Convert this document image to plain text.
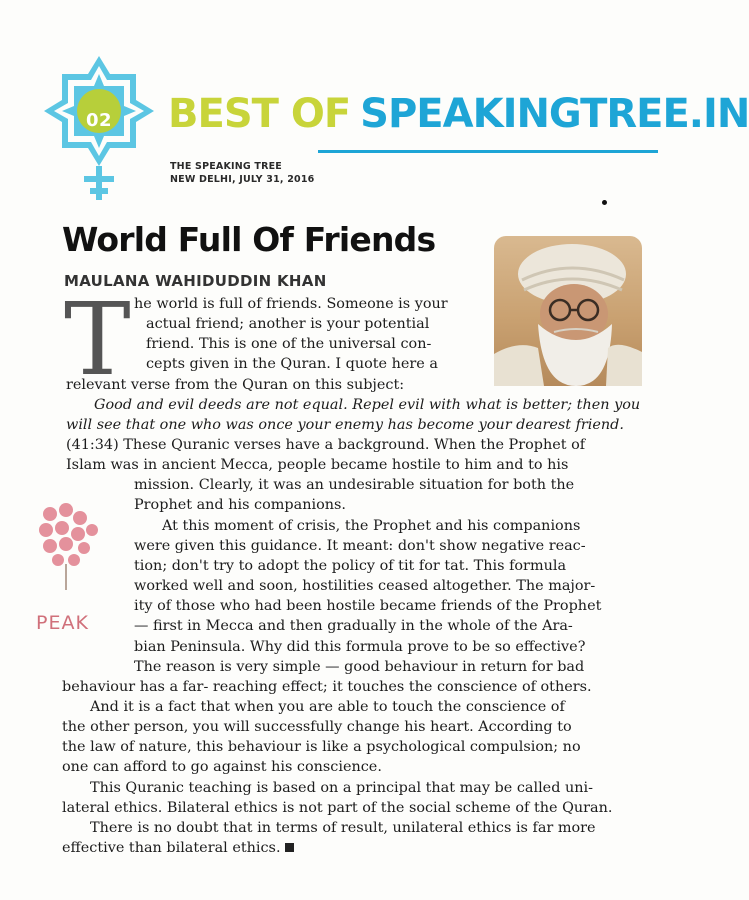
02	BEST OF SPEAKINGTREE.IN
THE SPEAKING TREE
NEW DELHI, JULY 31, 2016
World Full Of Friends

MAULANA WAHIDUDDIN KHAN

T

PEAK

he world is full of friends. Someone is your

actual friend; another is your potential

friend. This is one of the universal con-

cepts given in the Quran. I quote here a

relevant verse from the Quran on this subject:

Good and evil deeds are not equal. Repel evil with what is better; then you

will see that one who was once your enemy has become your dearest friend.

(41:34) These Quranic verses have a background. When the Prophet of

Islam was in ancient Mecca, people became hostile to him and to his

mission. Clearly, it was an undesirable situation for both the

Prophet and his companions.

At this moment of crisis, the Prophet and his companions

were given this guidance. It meant: don't show negative reac-

tion; don't try to adopt the policy of tit for tat. This formula

worked well and soon, hostilities ceased altogether. The major-

ity of those who had been hostile became friends of the Prophet

— first in Mecca and then gradually in the whole of the Ara-

bian Peninsula. Why did this formula prove to be so effective?

The reason is very simple — good behaviour in return for bad

behaviour has a far- reaching effect; it touches the conscience of others.

And it is a fact that when you are able to touch the conscience of

the other person, you will successfully change his heart. According to

the law of nature, this behaviour is like a psychological compulsion; no

one can afford to go against his conscience.

This Quranic teaching is based on a principal that may be called uni-

lateral ethics. Bilateral ethics is not part of the social scheme of the Quran.

There is no doubt that in terms of result, unilateral ethics is far more

effective than bilateral ethics.
